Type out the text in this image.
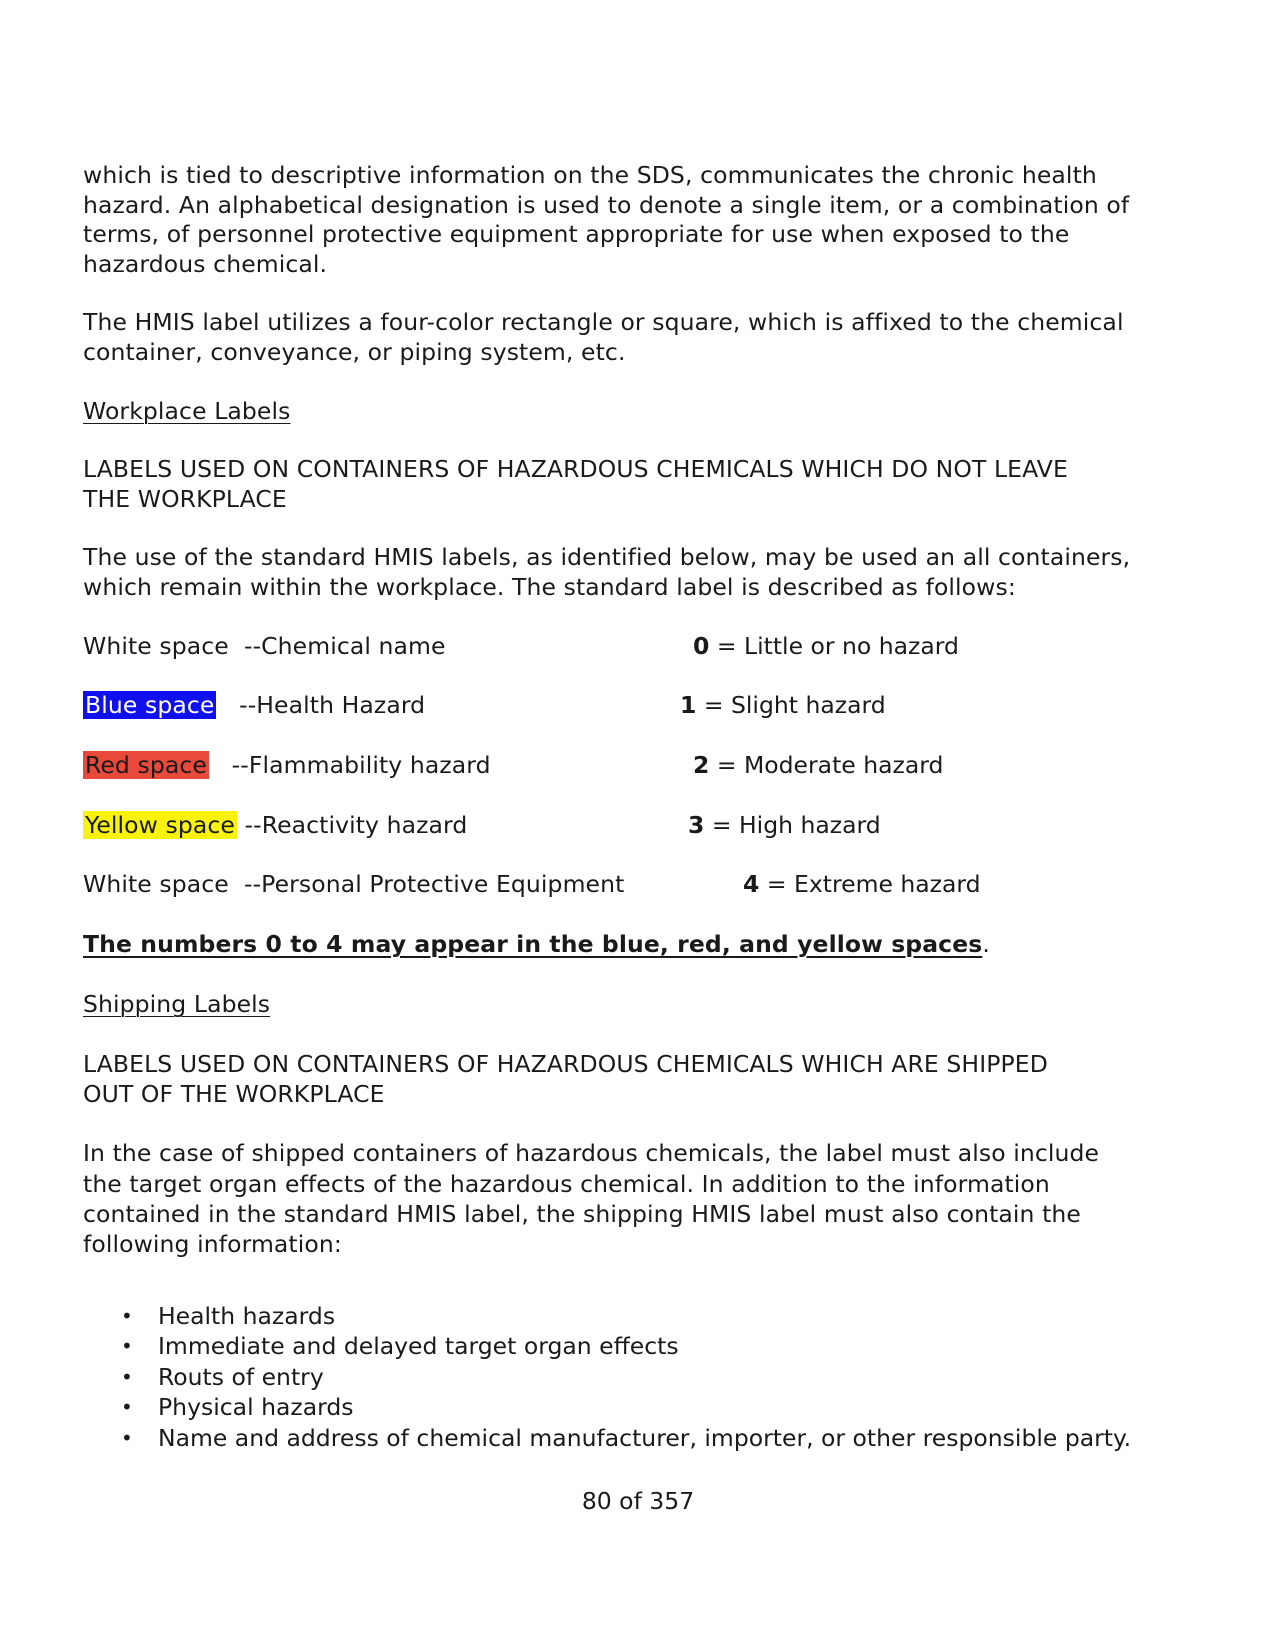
which is tied to descriptive information on the SDS, communicates the chronic health
hazard. An alphabetical designation is used to denote a single item, or a combination of
terms, of personnel protective equipment appropriate for use when exposed to the
hazardous chemical.
The HMIS label utilizes a four-color rectangle or square, which is affixed to the chemical
container, conveyance, or piping system, etc.
Workplace Labels
LABELS USED ON CONTAINERS OF HAZARDOUS CHEMICALS WHICH DO NOT LEAVE
THE WORKPLACE
The use of the standard HMIS labels, as identified below, may be used an all containers,
which remain within the workplace. The standard label is described as follows:
White space  --Chemical name	0 = Little or no hazard
Blue space   --Health Hazard	1 = Slight hazard
Red space   --Flammability hazard	2 = Moderate hazard
Yellow space --Reactivity hazard	3 = High hazard
White space  --Personal Protective Equipment	4 = Extreme hazard
The numbers 0 to 4 may appear in the blue, red, and yellow spaces.
Shipping Labels
LABELS USED ON CONTAINERS OF HAZARDOUS CHEMICALS WHICH ARE SHIPPED
OUT OF THE WORKPLACE
In the case of shipped containers of hazardous chemicals, the label must also include
the target organ effects of the hazardous chemical. In addition to the information
contained in the standard HMIS label, the shipping HMIS label must also contain the
following information:
• Health hazards
• Immediate and delayed target organ effects
• Routs of entry
• Physical hazards
• Name and address of chemical manufacturer, importer, or other responsible party.
80 of 357
